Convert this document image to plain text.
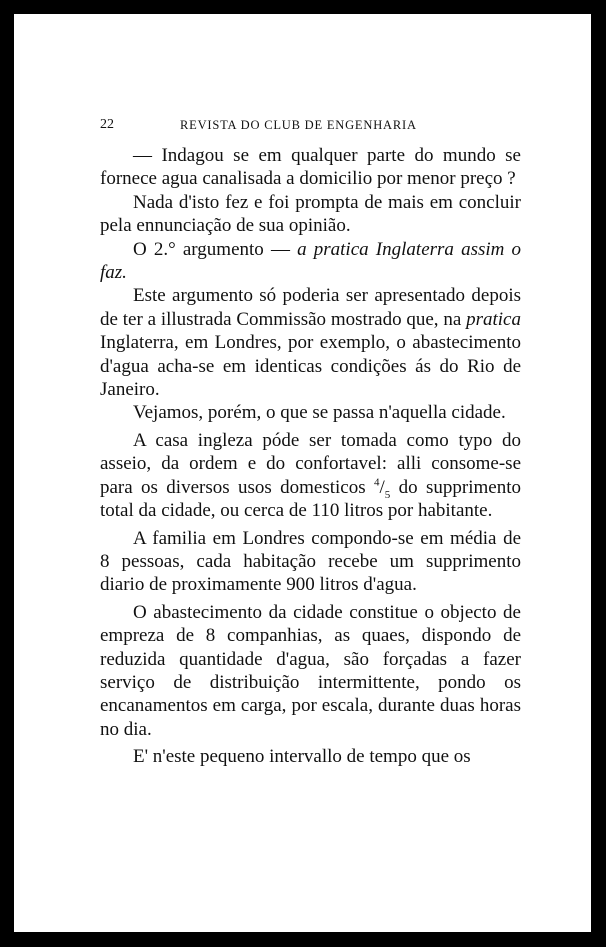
22	REVISTA DO CLUB DE ENGENHARIA

— Indagou se em qualquer parte do mundo se fornece agua canalisada a domicilio por menor preço ?

Nada d'isto fez e foi prompta de mais em concluir pela ennunciação de sua opinião.

O 2.° argumento — a pratica Inglaterra assim o faz.

Este argumento só poderia ser apresentado depois de ter a illustrada Commissão mostrado que, na pratica Inglaterra, em Londres, por exemplo, o abastecimento d'agua acha-se em identicas condições ás do Rio de Janeiro.

Vejamos, porém, o que se passa n'aquella cidade.

A casa ingleza póde ser tomada como typo do asseio, da ordem e do confortavel: alli consome-se para os diversos usos domesticos $^4/_5$ do supprimento total da cidade, ou cerca de 110 litros por habitante.

A familia em Londres compondo-se em média de 8 pessoas, cada habitação recebe um supprimento diario de proximamente 900 litros d'agua.

O abastecimento da cidade constitue o objecto de empreza de 8 companhias, as quaes, dispondo de reduzida quantidade d'agua, são forçadas a fazer serviço de distribuição intermittente, pondo os encanamentos em carga, por escala, durante duas horas no dia.

E' n'este pequeno intervallo de tempo que os
